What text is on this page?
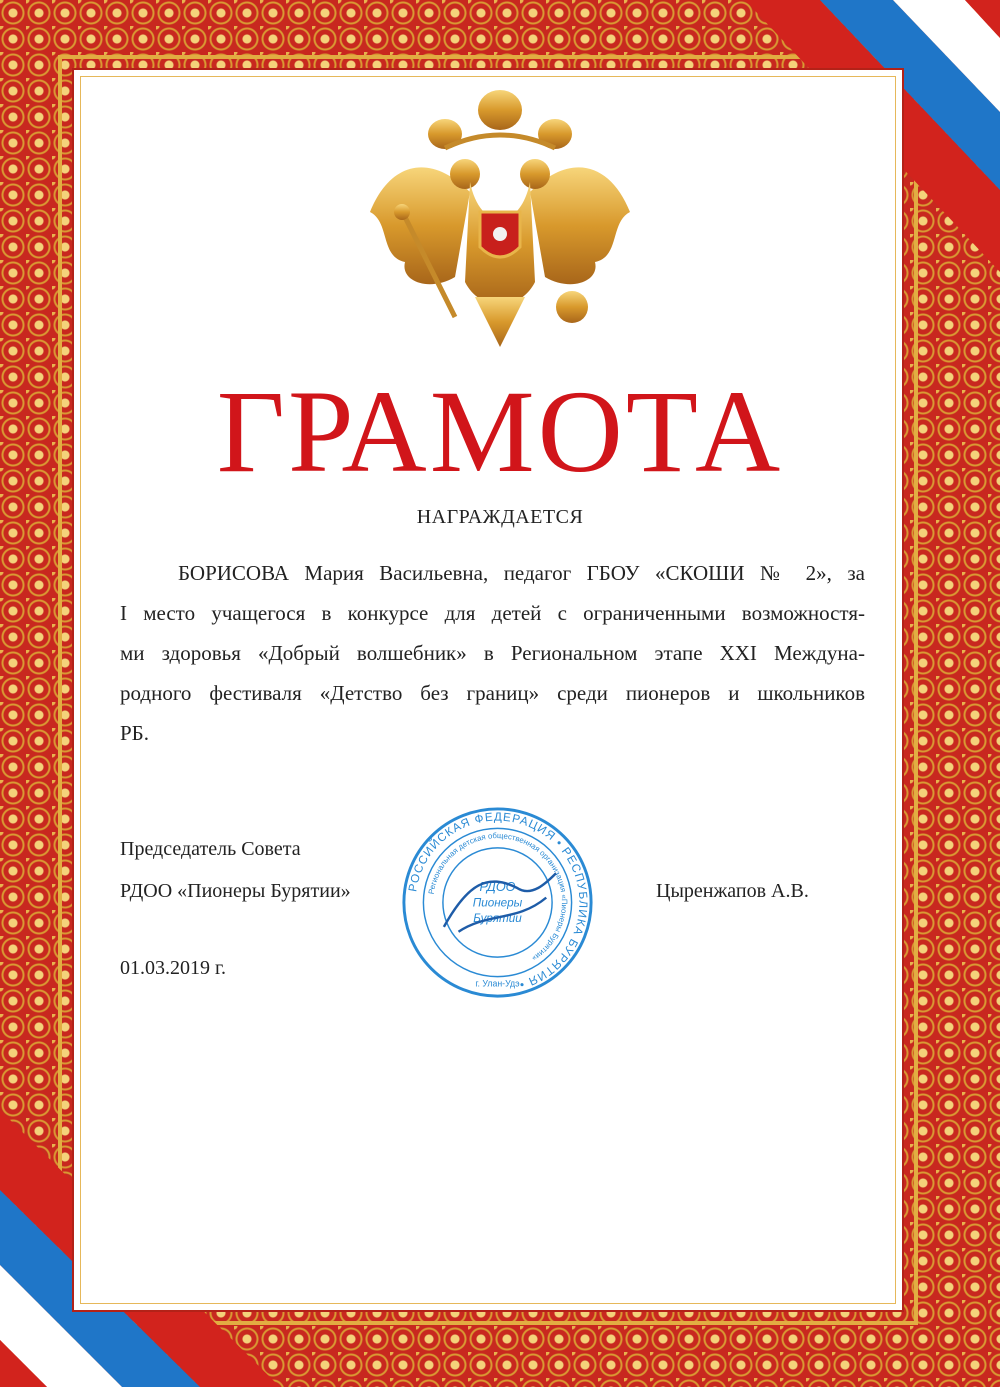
ГРАМОТА
НАГРАЖДАЕТСЯ
БОРИСОВА Мария Васильевна, педагог ГБОУ «СКОШИ № 2», за
I место учащегося в конкурсе для детей с ограниченными возможностя-
ми здоровья «Добрый волшебник» в Региональном этапе XXI Междуна-
родного фестиваля «Детство без границ» среди пионеров и школьников
РБ.
Председатель Совета
РДОО «Пионеры Бурятии»	Цыренжапов А.В.
01.03.2019 г.
РОССИЙСКАЯ ФЕДЕРАЦИЯ • РЕСПУБЛИКА БУРЯТИЯ •
Региональная детская общественная организация «Пионеры Бурятии»
РДОО
Пионеры
Бурятии
г. Улан-Удэ
